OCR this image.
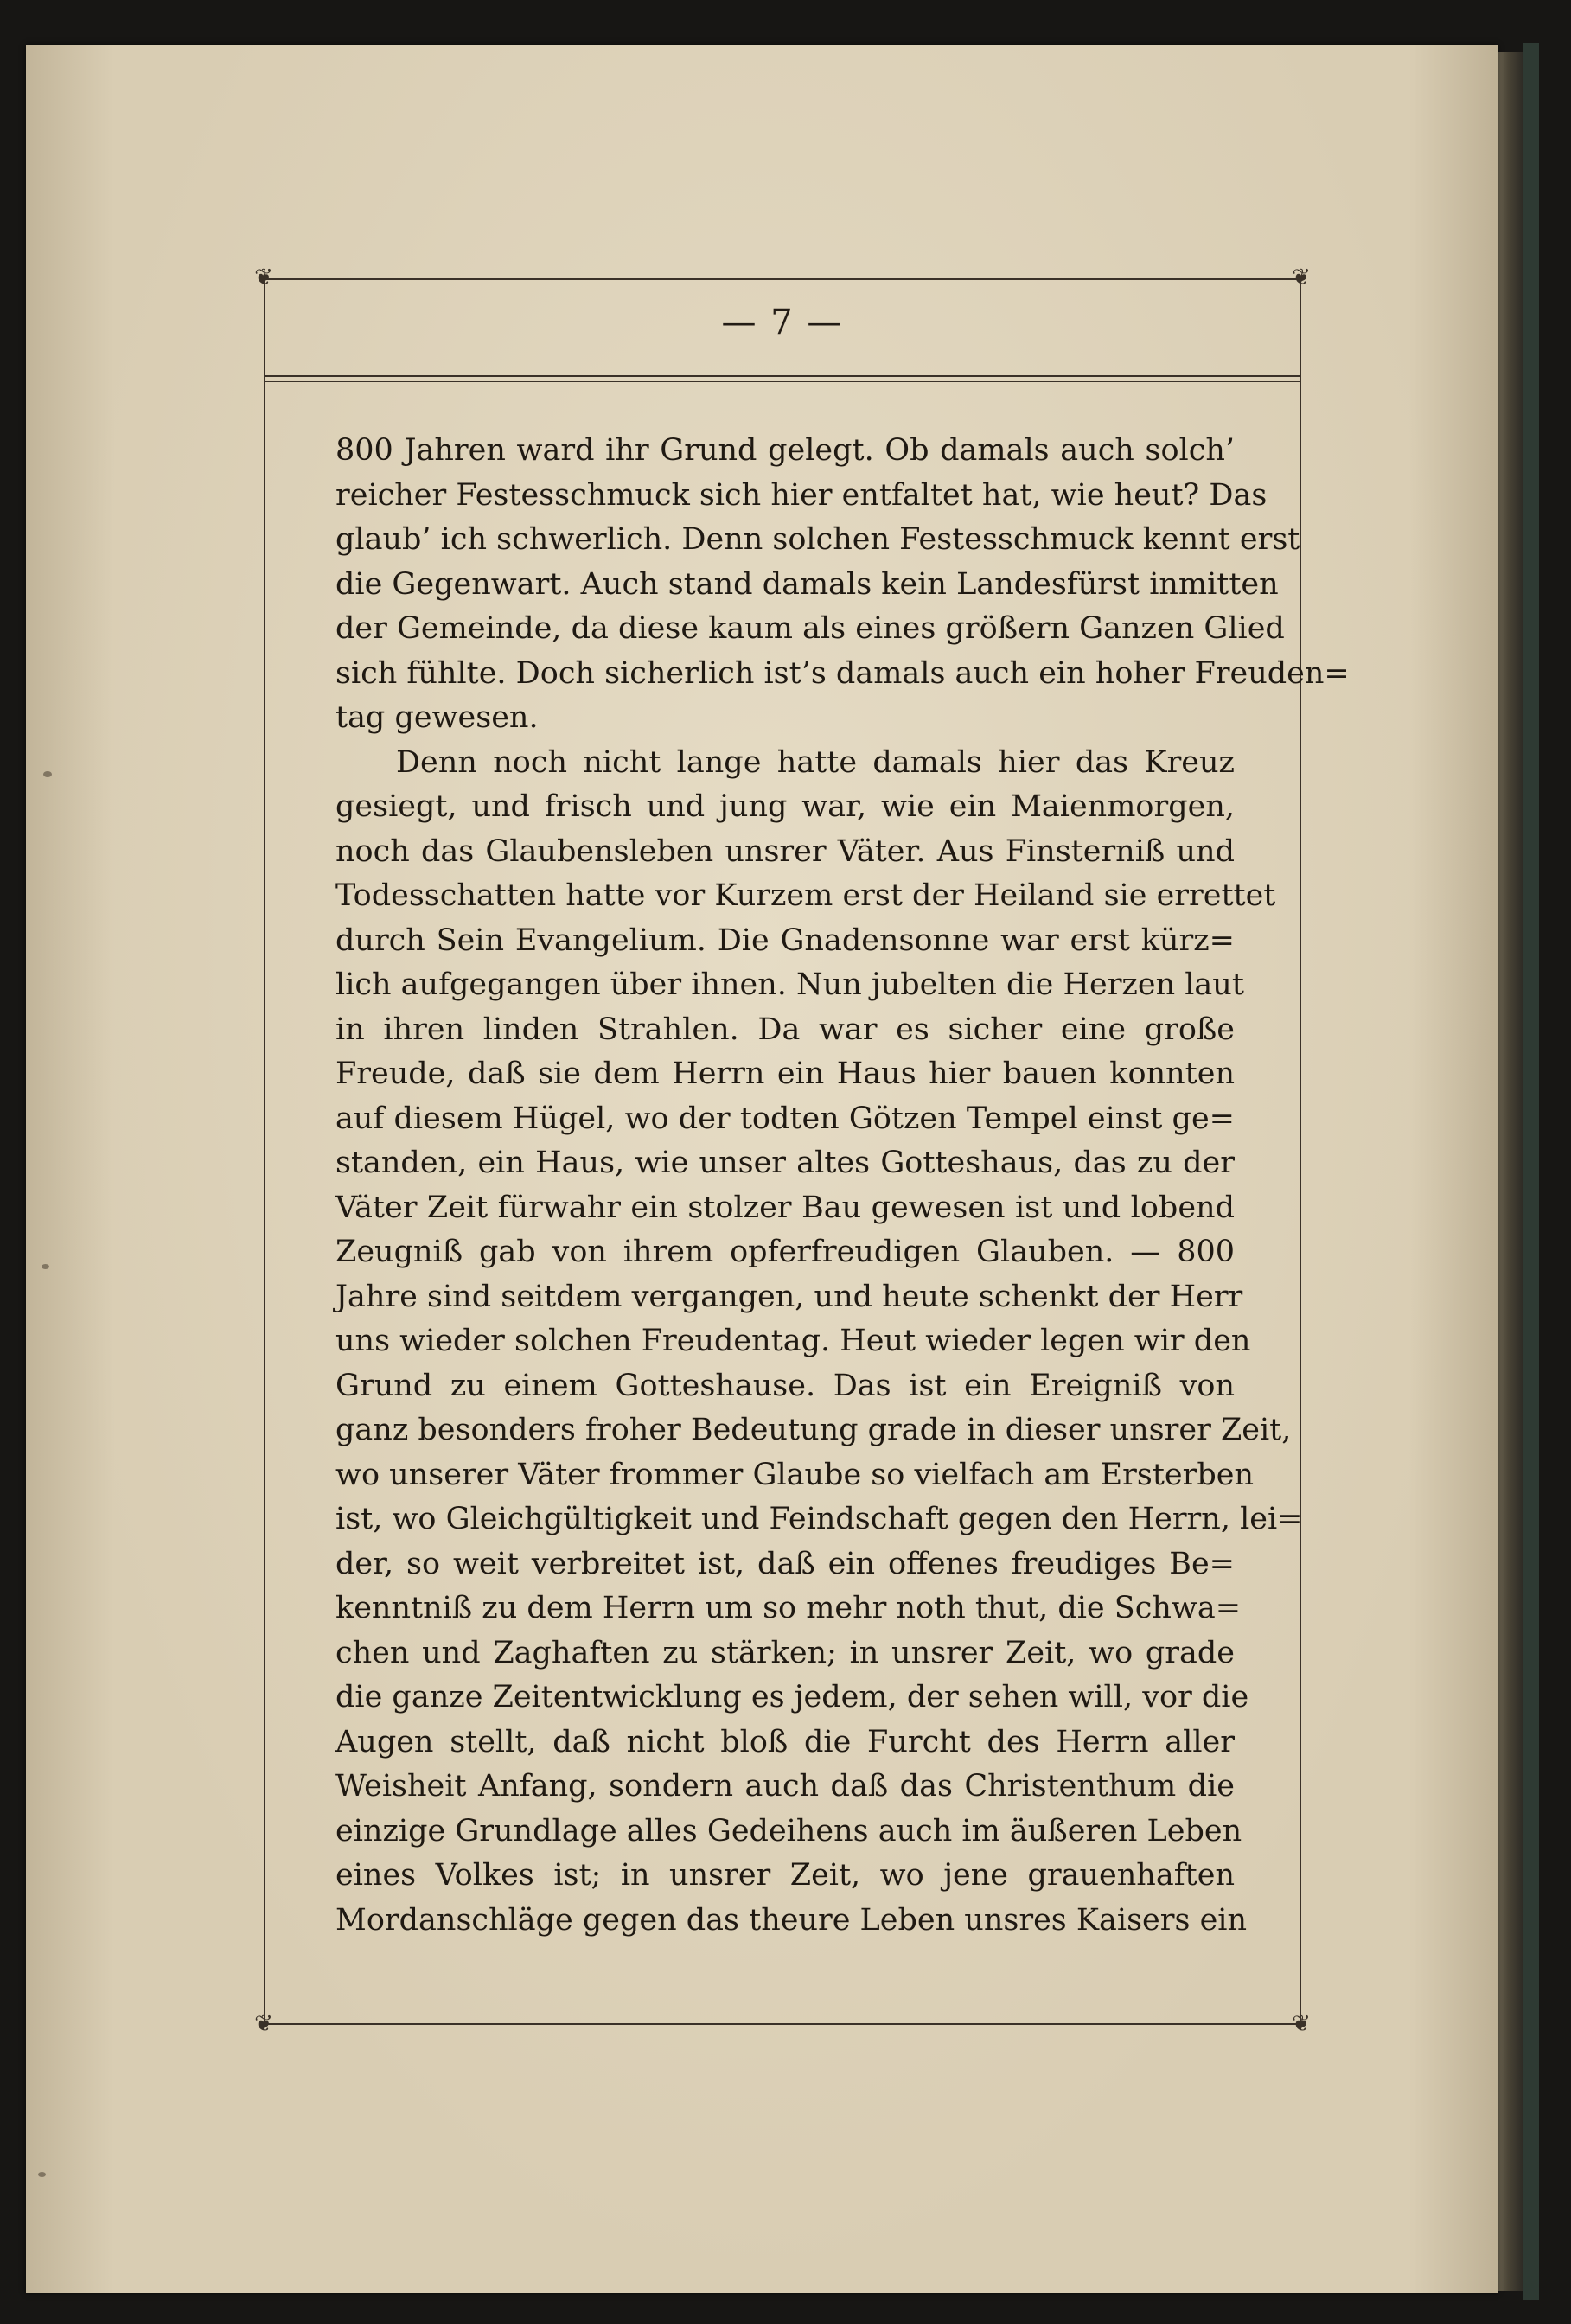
❦	❦
❦	❦
— 7 —
800 Jahren ward ihr Grund gelegt. Ob damals auch solch’
reicher Festesschmuck sich hier entfaltet hat, wie heut? Das
glaub’ ich schwerlich. Denn solchen Festesschmuck kennt erst
die Gegenwart. Auch stand damals kein Landesfürst inmitten
der Gemeinde, da diese kaum als eines größern Ganzen Glied
sich fühlte. Doch sicherlich ist’s damals auch ein hoher Freuden=
tag gewesen.
Denn noch nicht lange hatte damals hier das Kreuz
gesiegt, und frisch und jung war, wie ein Maienmorgen,
noch das Glaubensleben unsrer Väter. Aus Finsterniß und
Todesschatten hatte vor Kurzem erst der Heiland sie errettet
durch Sein Evangelium. Die Gnadensonne war erst kürz=
lich aufgegangen über ihnen. Nun jubelten die Herzen laut
in ihren linden Strahlen. Da war es sicher eine große
Freude, daß sie dem Herrn ein Haus hier bauen konnten
auf diesem Hügel, wo der todten Götzen Tempel einst ge=
standen, ein Haus, wie unser altes Gotteshaus, das zu der
Väter Zeit fürwahr ein stolzer Bau gewesen ist und lobend
Zeugniß gab von ihrem opferfreudigen Glauben. — 800
Jahre sind seitdem vergangen, und heute schenkt der Herr
uns wieder solchen Freudentag. Heut wieder legen wir den
Grund zu einem Gotteshause. Das ist ein Ereigniß von
ganz besonders froher Bedeutung grade in dieser unsrer Zeit,
wo unserer Väter frommer Glaube so vielfach am Ersterben
ist, wo Gleichgültigkeit und Feindschaft gegen den Herrn, lei=
der, so weit verbreitet ist, daß ein offenes freudiges Be=
kenntniß zu dem Herrn um so mehr noth thut, die Schwa=
chen und Zaghaften zu stärken; in unsrer Zeit, wo grade
die ganze Zeitentwicklung es jedem, der sehen will, vor die
Augen stellt, daß nicht bloß die Furcht des Herrn aller
Weisheit Anfang, sondern auch daß das Christenthum die
einzige Grundlage alles Gedeihens auch im äußeren Leben
eines Volkes ist; in unsrer Zeit, wo jene grauenhaften
Mordanschläge gegen das theure Leben unsres Kaisers ein
